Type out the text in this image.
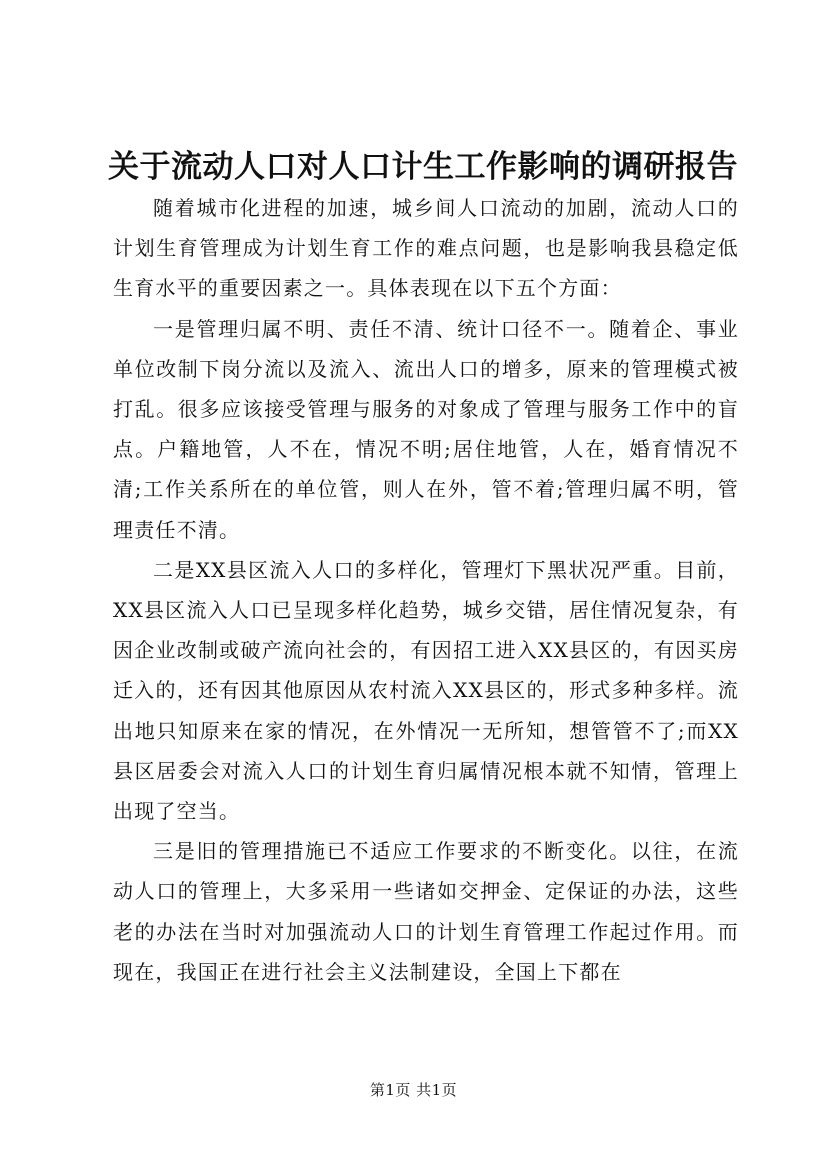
关于流动人口对人口计生工作影响的调研报告

随着城市化进程的加速，城乡间人口流动的加剧，流动人口的计划生育管理成为计划生育工作的难点问题，也是影响我县稳定低生育水平的重要因素之一。具体表现在以下五个方面：

一是管理归属不明、责任不清、统计口径不一。随着企、事业单位改制下岗分流以及流入、流出人口的增多，原来的管理模式被打乱。很多应该接受管理与服务的对象成了管理与服务工作中的盲点。户籍地管，人不在，情况不明;居住地管，人在，婚育情况不清;工作关系所在的单位管，则人在外，管不着;管理归属不明，管理责任不清。

二是XX县区流入人口的多样化，管理灯下黑状况严重。目前，XX县区流入人口已呈现多样化趋势，城乡交错，居住情况复杂，有因企业改制或破产流向社会的，有因招工进入XX县区的，有因买房迁入的，还有因其他原因从农村流入XX县区的，形式多种多样。流出地只知原来在家的情况，在外情况一无所知，想管管不了;而XX县区居委会对流入人口的计划生育归属情况根本就不知情，管理上出现了空当。

三是旧的管理措施已不适应工作要求的不断变化。以往，在流动人口的管理上，大多采用一些诸如交押金、定保证的办法，这些老的办法在当时对加强流动人口的计划生育管理工作起过作用。而现在，我国正在进行社会主义法制建设，全国上下都在

第1页 共1页
